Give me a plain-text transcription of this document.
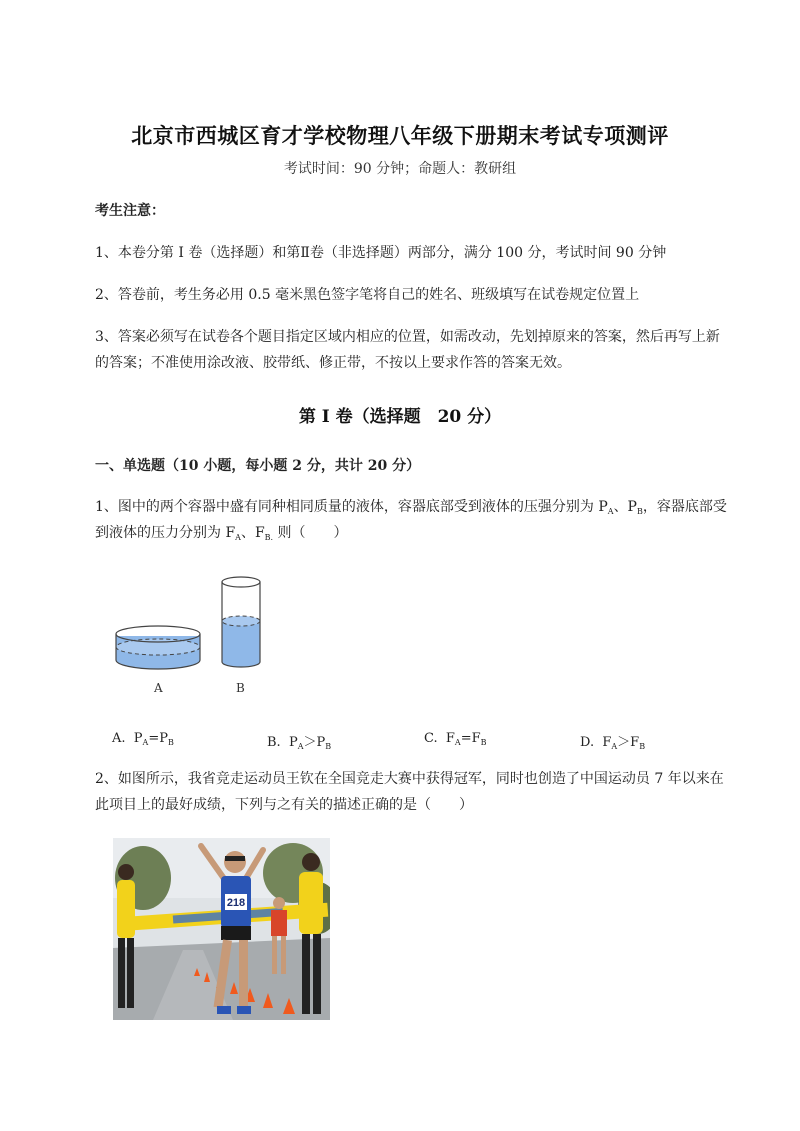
北京市西城区育才学校物理八年级下册期末考试专项测评
考试时间：90 分钟；命题人：教研组
考生注意：
1、本卷分第 I 卷（选择题）和第Ⅱ卷（非选择题）两部分，满分 100 分，考试时间 90 分钟
2、答卷前，考生务必用 0.5 毫米黑色签字笔将自己的姓名、班级填写在试卷规定位置上
3、答案必须写在试卷各个题目指定区域内相应的位置，如需改动，先划掉原来的答案，然后再写上新
的答案；不准使用涂改液、胶带纸、修正带，不按以上要求作答的答案无效。
第 I 卷（选择题　20 分）
一、单选题（10 小题，每小题 2 分，共计 20 分）
1、图中的两个容器中盛有同种相同质量的液体，容器底部受到液体的压强分别为 $P_A$、$P_B$，容器底部受
到液体的压力分别为 $F_A$、$F_{B.}$ 则（　　）
A	B
A. $P_A=P_B$	B. $P_A>P_B$
C. $F_A=F_B$	D. $F_A>F_B$
2、如图所示，我省竞走运动员王钦在全国竞走大赛中获得冠军，同时也创造了中国运动员 7 年以来在
此项目上的最好成绩，下列与之有关的描述正确的是（　　）
218
